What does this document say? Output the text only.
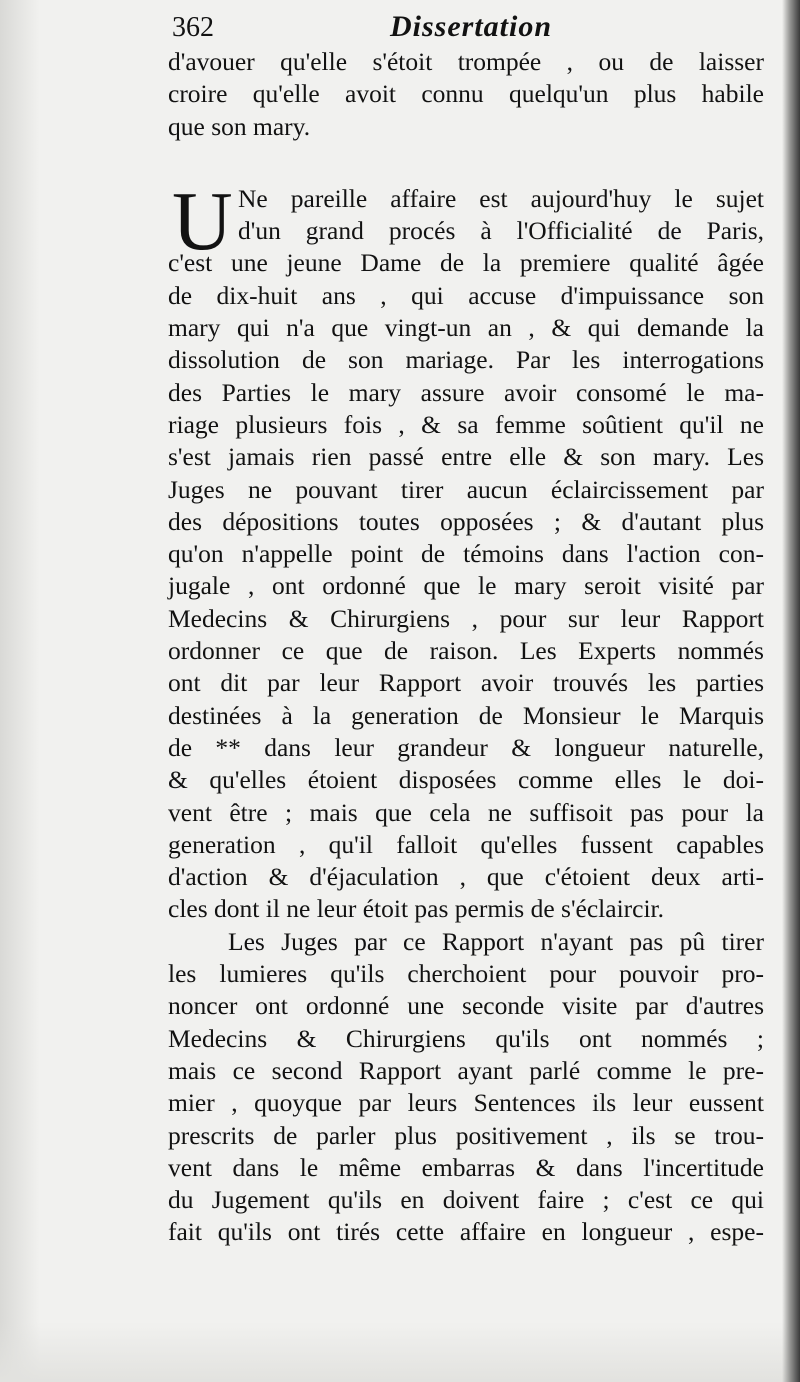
362	Dissertation
d'avouer qu'elle s'étoit trompée , ou de laisser
croire qu'elle avoit connu quelqu'un plus habile
que son mary.
U Ne pareille affaire est aujourd'huy le sujet
d'un grand procés à l'Officialité de Paris,
c'est une jeune Dame de la premiere qualité âgée
de dix-huit ans , qui accuse d'impuissance son
mary qui n'a que vingt-un an , & qui demande la
dissolution de son mariage. Par les interrogations
des Parties le mary assure avoir consomé le ma-
riage plusieurs fois , & sa femme soûtient qu'il ne
s'est jamais rien passé entre elle & son mary. Les
Juges ne pouvant tirer aucun éclaircissement par
des dépositions toutes opposées ; & d'autant plus
qu'on n'appelle point de témoins dans l'action con-
jugale , ont ordonné que le mary seroit visité par
Medecins & Chirurgiens , pour sur leur Rapport
ordonner ce que de raison. Les Experts nommés
ont dit par leur Rapport avoir trouvés les parties
destinées à la generation de Monsieur le Marquis
de ** dans leur grandeur & longueur naturelle,
& qu'elles étoient disposées comme elles le doi-
vent être ; mais que cela ne suffisoit pas pour la
generation , qu'il falloit qu'elles fussent capables
d'action & d'éjaculation , que c'étoient deux arti-
cles dont il ne leur étoit pas permis de s'éclaircir.
Les Juges par ce Rapport n'ayant pas pû tirer
les lumieres qu'ils cherchoient pour pouvoir pro-
noncer ont ordonné une seconde visite par d'autres
Medecins & Chirurgiens qu'ils ont nommés ;
mais ce second Rapport ayant parlé comme le pre-
mier , quoyque par leurs Sentences ils leur eussent
prescrits de parler plus positivement , ils se trou-
vent dans le même embarras & dans l'incertitude
du Jugement qu'ils en doivent faire ; c'est ce qui
fait qu'ils ont tirés cette affaire en longueur , espe-
